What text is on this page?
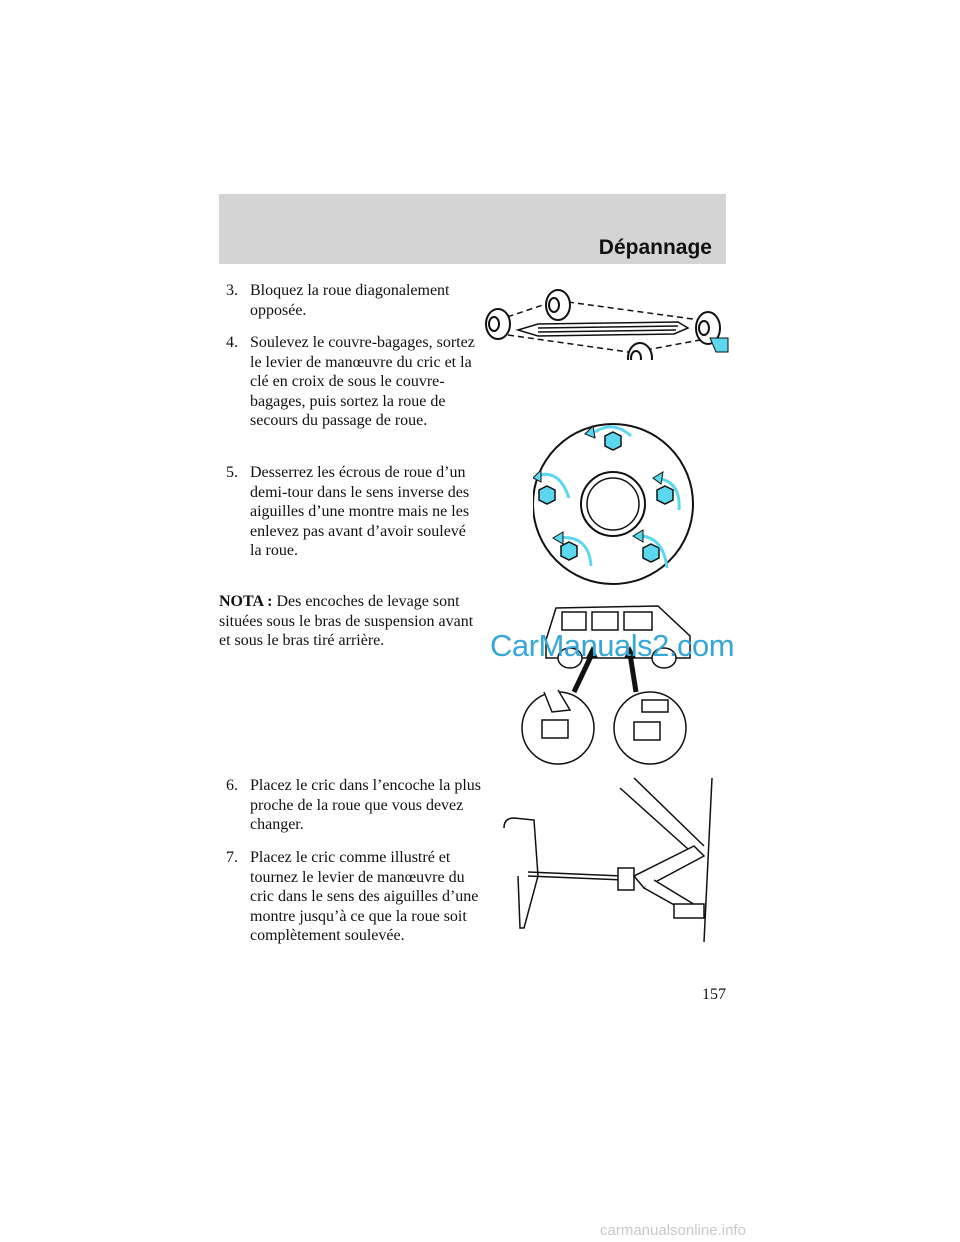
Dépannage
3. Bloquez la roue diagonalement opposée.
4. Soulevez le couvre-bagages, sortez le levier de manœuvre du cric et la clé en croix de sous le couvre-bagages, puis sortez la roue de secours du passage de roue.
5. Desserrez les écrous de roue d’un demi-tour dans le sens inverse des aiguilles d’une montre mais ne les enlevez pas avant d’avoir soulevé la roue.
NOTA : Des encoches de levage sont situées sous le bras de suspension avant et sous le bras tiré arrière.
6. Placez le cric dans l’encoche la plus proche de la roue que vous devez changer.
7. Placez le cric comme illustré et tournez le levier de manœuvre du cric dans le sens des aiguilles d’une montre jusqu’à ce que la roue soit complètement soulevée.
CarManuals2.com
157
carmanualsonline.info
